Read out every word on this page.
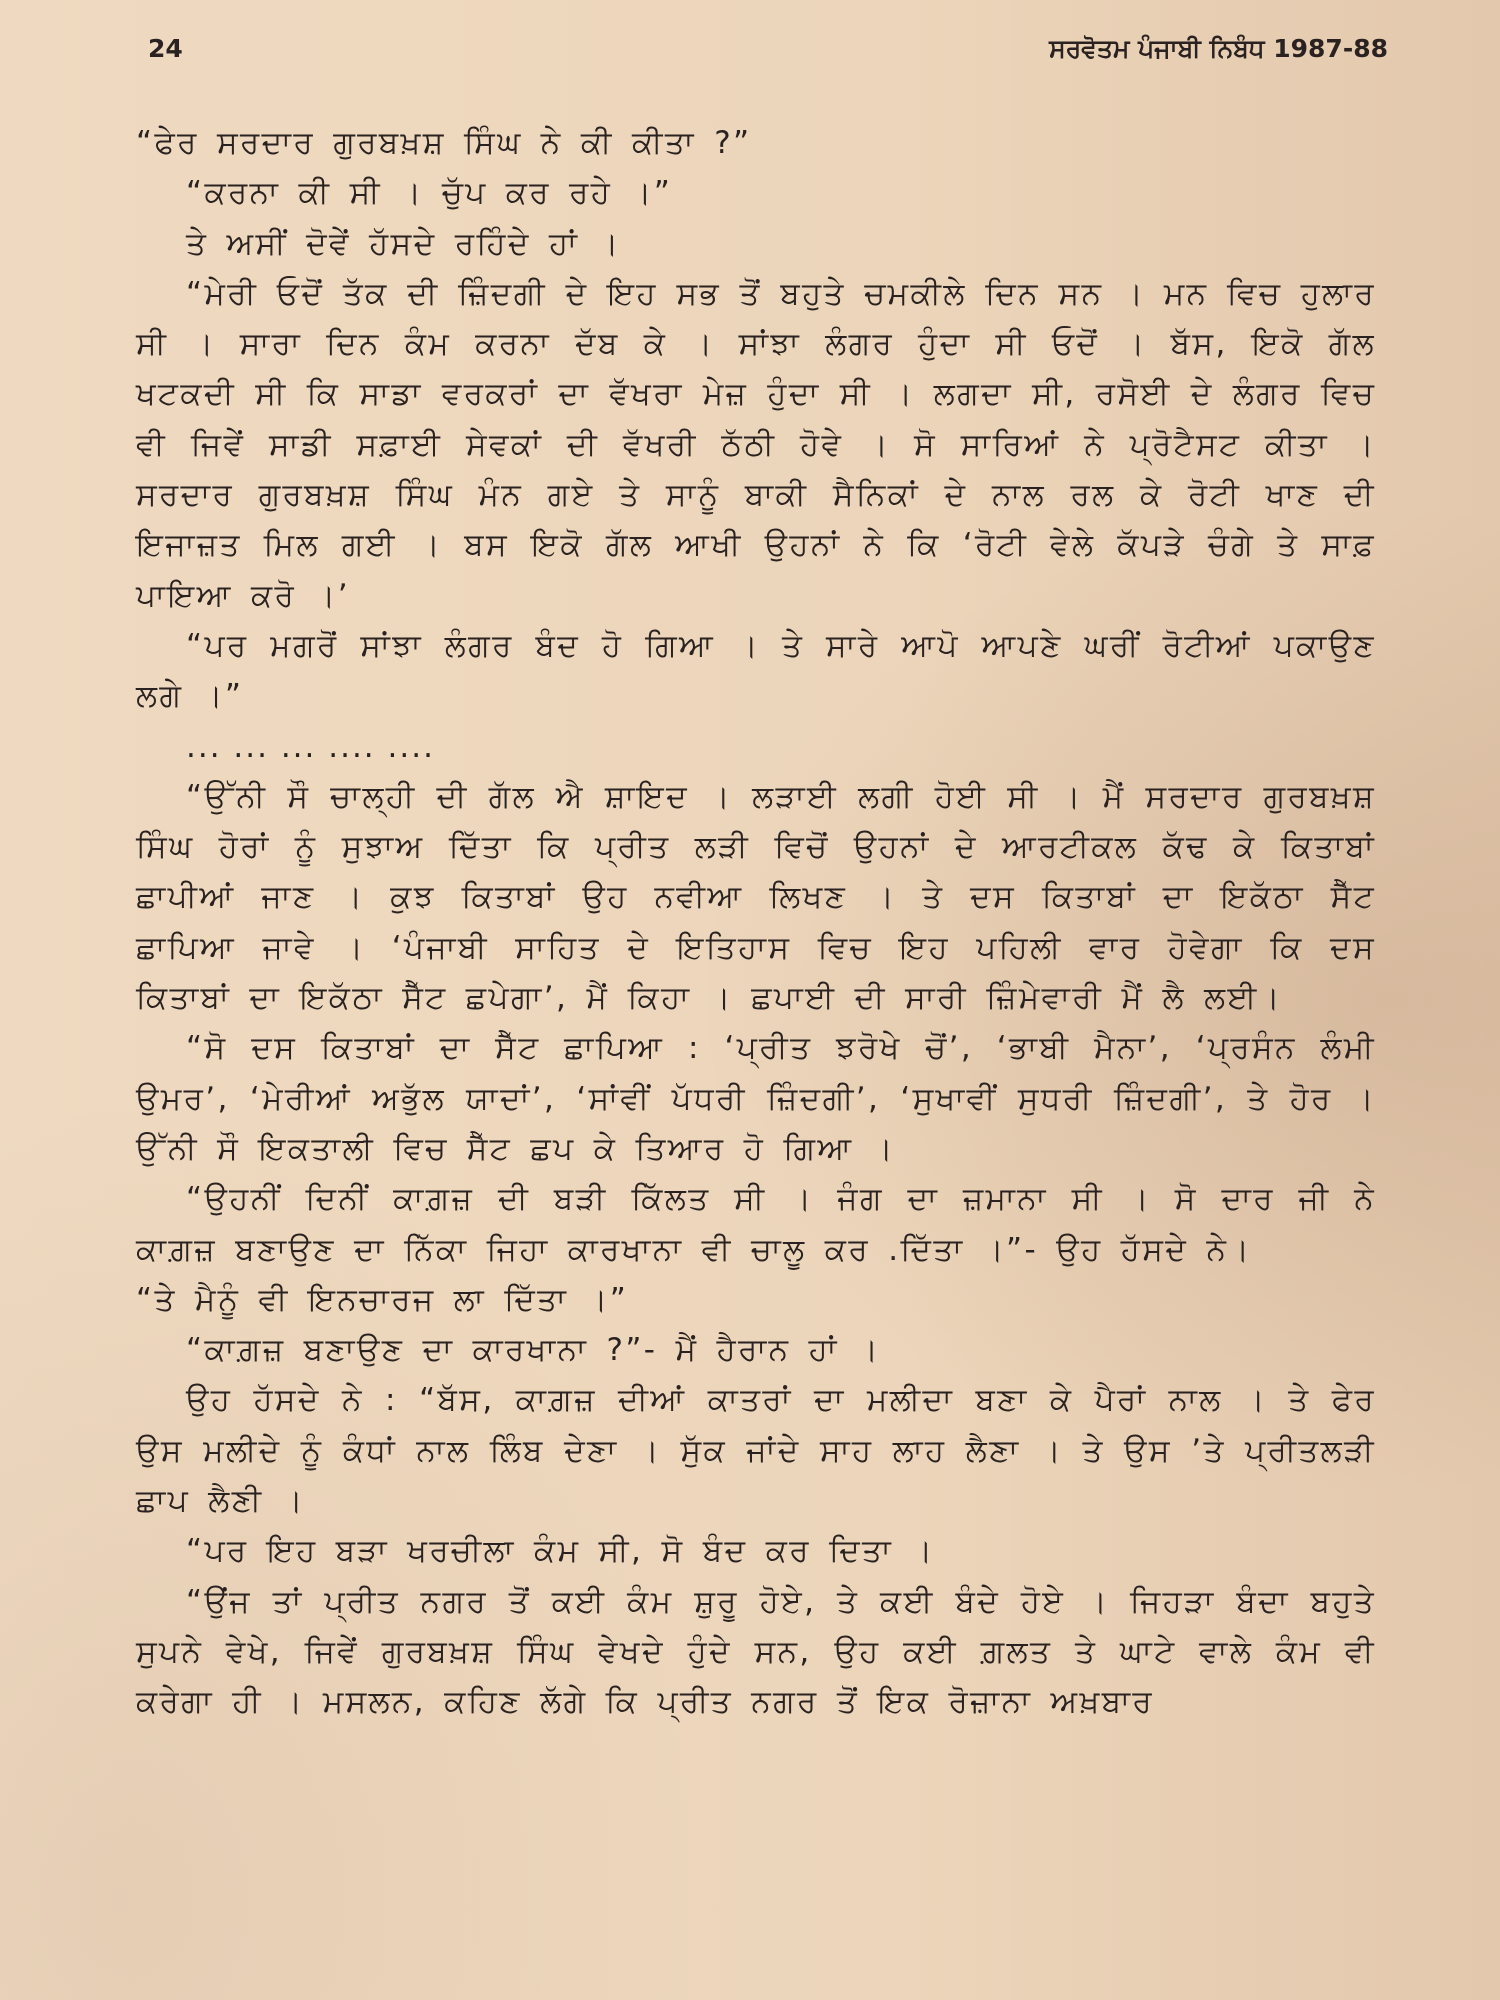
24	ਸਰਵੋਤਮ ਪੰਜਾਬੀ ਨਿਬੰਧ 1987-88

“ਫੇਰ ਸਰਦਾਰ ਗੁਰਬਖ਼ਸ਼ ਸਿੰਘ ਨੇ ਕੀ ਕੀਤਾ ?”

“ਕਰਨਾ ਕੀ ਸੀ । ਚੁੱਪ ਕਰ ਰਹੇ ।”

ਤੇ ਅਸੀਂ ਦੋਵੇਂ ਹੱਸਦੇ ਰਹਿੰਦੇ ਹਾਂ ।

“ਮੇਰੀ ਓਦੋਂ ਤੱਕ ਦੀ ਜ਼ਿੰਦਗੀ ਦੇ ਇਹ ਸਭ ਤੋਂ ਬਹੁਤੇ ਚਮਕੀਲੇ ਦਿਨ ਸਨ । ਮਨ ਵਿਚ ਹੁਲਾਰ ਸੀ । ਸਾਰਾ ਦਿਨ ਕੰਮ ਕਰਨਾ ਦੱਬ ਕੇ । ਸਾਂਝਾ ਲੰਗਰ ਹੁੰਦਾ ਸੀ ਓਦੋਂ । ਬੱਸ, ਇਕੋ ਗੱਲ ਖਟਕਦੀ ਸੀ ਕਿ ਸਾਡਾ ਵਰਕਰਾਂ ਦਾ ਵੱਖਰਾ ਮੇਜ਼ ਹੁੰਦਾ ਸੀ । ਲਗਦਾ ਸੀ, ਰਸੋਈ ਦੇ ਲੰਗਰ ਵਿਚ ਵੀ ਜਿਵੇਂ ਸਾਡੀ ਸਫ਼ਾਈ ਸੇਵਕਾਂ ਦੀ ਵੱਖਰੀ ਠੱਠੀ ਹੋਵੇ । ਸੋ ਸਾਰਿਆਂ ਨੇ ਪ੍ਰੋਟੈਸਟ ਕੀਤਾ । ਸਰਦਾਰ ਗੁਰਬਖ਼ਸ਼ ਸਿੰਘ ਮੰਨ ਗਏ ਤੇ ਸਾਨੂੰ ਬਾਕੀ ਸੈਨਿਕਾਂ ਦੇ ਨਾਲ ਰਲ ਕੇ ਰੋਟੀ ਖਾਣ ਦੀ ਇਜਾਜ਼ਤ ਮਿਲ ਗਈ । ਬਸ ਇਕੋ ਗੱਲ ਆਖੀ ਉਹਨਾਂ ਨੇ ਕਿ ‘ਰੋਟੀ ਵੇਲੇ ਕੱਪੜੇ ਚੰਗੇ ਤੇ ਸਾਫ਼ ਪਾਇਆ ਕਰੋ ।’

“ਪਰ ਮਗਰੋਂ ਸਾਂਝਾ ਲੰਗਰ ਬੰਦ ਹੋ ਗਿਆ । ਤੇ ਸਾਰੇ ਆਪੋ ਆਪਣੇ ਘਰੀਂ ਰੋਟੀਆਂ ਪਕਾਉਣ ਲਗੇ ।”

... ... ... .... ....

“ਉੱਨੀ ਸੌ ਚਾਲ੍ਹੀ ਦੀ ਗੱਲ ਐ ਸ਼ਾਇਦ । ਲੜਾਈ ਲਗੀ ਹੋਈ ਸੀ । ਮੈਂ ਸਰਦਾਰ ਗੁਰਬਖ਼ਸ਼ ਸਿੰਘ ਹੋਰਾਂ ਨੂੰ ਸੁਝਾਅ ਦਿੱਤਾ ਕਿ ਪ੍ਰੀਤ ਲੜੀ ਵਿਚੋਂ ਉਹਨਾਂ ਦੇ ਆਰਟੀਕਲ ਕੱਢ ਕੇ ਕਿਤਾਬਾਂ ਛਾਪੀਆਂ ਜਾਣ । ਕੁਝ ਕਿਤਾਬਾਂ ਉਹ ਨਵੀਆ ਲਿਖਣ । ਤੇ ਦਸ ਕਿਤਾਬਾਂ ਦਾ ਇਕੱਠਾ ਸੈੱਟ ਛਾਪਿਆ ਜਾਵੇ । ‘ਪੰਜਾਬੀ ਸਾਹਿਤ ਦੇ ਇਤਿਹਾਸ ਵਿਚ ਇਹ ਪਹਿਲੀ ਵਾਰ ਹੋਵੇਗਾ ਕਿ ਦਸ ਕਿਤਾਬਾਂ ਦਾ ਇਕੱਠਾ ਸੈੱਟ ਛਪੇਗਾ’, ਮੈਂ ਕਿਹਾ । ਛਪਾਈ ਦੀ ਸਾਰੀ ਜ਼ਿੰਮੇਵਾਰੀ ਮੈਂ ਲੈ ਲਈ।

“ਸੋ ਦਸ ਕਿਤਾਬਾਂ ਦਾ ਸੈੱਟ ਛਾਪਿਆ : ‘ਪ੍ਰੀਤ ਝਰੋਖੇ ਚੋਂ’, ‘ਭਾਬੀ ਮੈਨਾ’, ‘ਪ੍ਰਸੰਨ ਲੰਮੀ ਉਮਰ’, ‘ਮੇਰੀਆਂ ਅਭੁੱਲ ਯਾਦਾਂ’, ‘ਸਾਂਵੀਂ ਪੱਧਰੀ ਜ਼ਿੰਦਗੀ’, ‘ਸੁਖਾਵੀਂ ਸੁਧਰੀ ਜ਼ਿੰਦਗੀ’, ਤੇ ਹੋਰ । ਉੱਨੀ ਸੌ ਇਕਤਾਲੀ ਵਿਚ ਸੈੱਟ ਛਪ ਕੇ ਤਿਆਰ ਹੋ ਗਿਆ ।

“ਉਹਨੀਂ ਦਿਨੀਂ ਕਾਗ਼ਜ਼ ਦੀ ਬੜੀ ਕਿੱਲਤ ਸੀ । ਜੰਗ ਦਾ ਜ਼ਮਾਨਾ ਸੀ । ਸੋ ਦਾਰ ਜੀ ਨੇ ਕਾਗ਼ਜ਼ ਬਣਾਉਣ ਦਾ ਨਿੱਕਾ ਜਿਹਾ ਕਾਰਖਾਨਾ ਵੀ ਚਾਲੂ ਕਰ .ਦਿੱਤਾ ।”- ਉਹ ਹੱਸਦੇ ਨੇ।

“ਤੇ ਮੈਨੂੰ ਵੀ ਇਨਚਾਰਜ ਲਾ ਦਿੱਤਾ ।”

“ਕਾਗ਼ਜ਼ ਬਣਾਉਣ ਦਾ ਕਾਰਖਾਨਾ ?”- ਮੈਂ ਹੈਰਾਨ ਹਾਂ ।

ਉਹ ਹੱਸਦੇ ਨੇ : “ਬੱਸ, ਕਾਗ਼ਜ਼ ਦੀਆਂ ਕਾਤਰਾਂ ਦਾ ਮਲੀਦਾ ਬਣਾ ਕੇ ਪੈਰਾਂ ਨਾਲ । ਤੇ ਫੇਰ ਉਸ ਮਲੀਦੇ ਨੂੰ ਕੰਧਾਂ ਨਾਲ ਲਿੰਬ ਦੇਣਾ । ਸੁੱਕ ਜਾਂਦੇ ਸਾਹ ਲਾਹ ਲੈਣਾ । ਤੇ ਉਸ ’ਤੇ ਪ੍ਰੀਤਲੜੀ ਛਾਪ ਲੈਣੀ ।

“ਪਰ ਇਹ ਬੜਾ ਖਰਚੀਲਾ ਕੰਮ ਸੀ, ਸੋ ਬੰਦ ਕਰ ਦਿਤਾ ।

“ਉਂਜ ਤਾਂ ਪ੍ਰੀਤ ਨਗਰ ਤੋਂ ਕਈ ਕੰਮ ਸ਼ੁਰੂ ਹੋਏ, ਤੇ ਕਈ ਬੰਦੇ ਹੋਏ । ਜਿਹੜਾ ਬੰਦਾ ਬਹੁਤੇ ਸੁਪਨੇ ਵੇਖੇ, ਜਿਵੇਂ ਗੁਰਬਖ਼ਸ਼ ਸਿੰਘ ਵੇਖਦੇ ਹੁੰਦੇ ਸਨ, ਉਹ ਕਈ ਗ਼ਲਤ ਤੇ ਘਾਟੇ ਵਾਲੇ ਕੰਮ ਵੀ ਕਰੇਗਾ ਹੀ । ਮਸਲਨ, ਕਹਿਣ ਲੱਗੇ ਕਿ ਪ੍ਰੀਤ ਨਗਰ ਤੋਂ ਇਕ ਰੋਜ਼ਾਨਾ ਅਖ਼ਬਾਰ
